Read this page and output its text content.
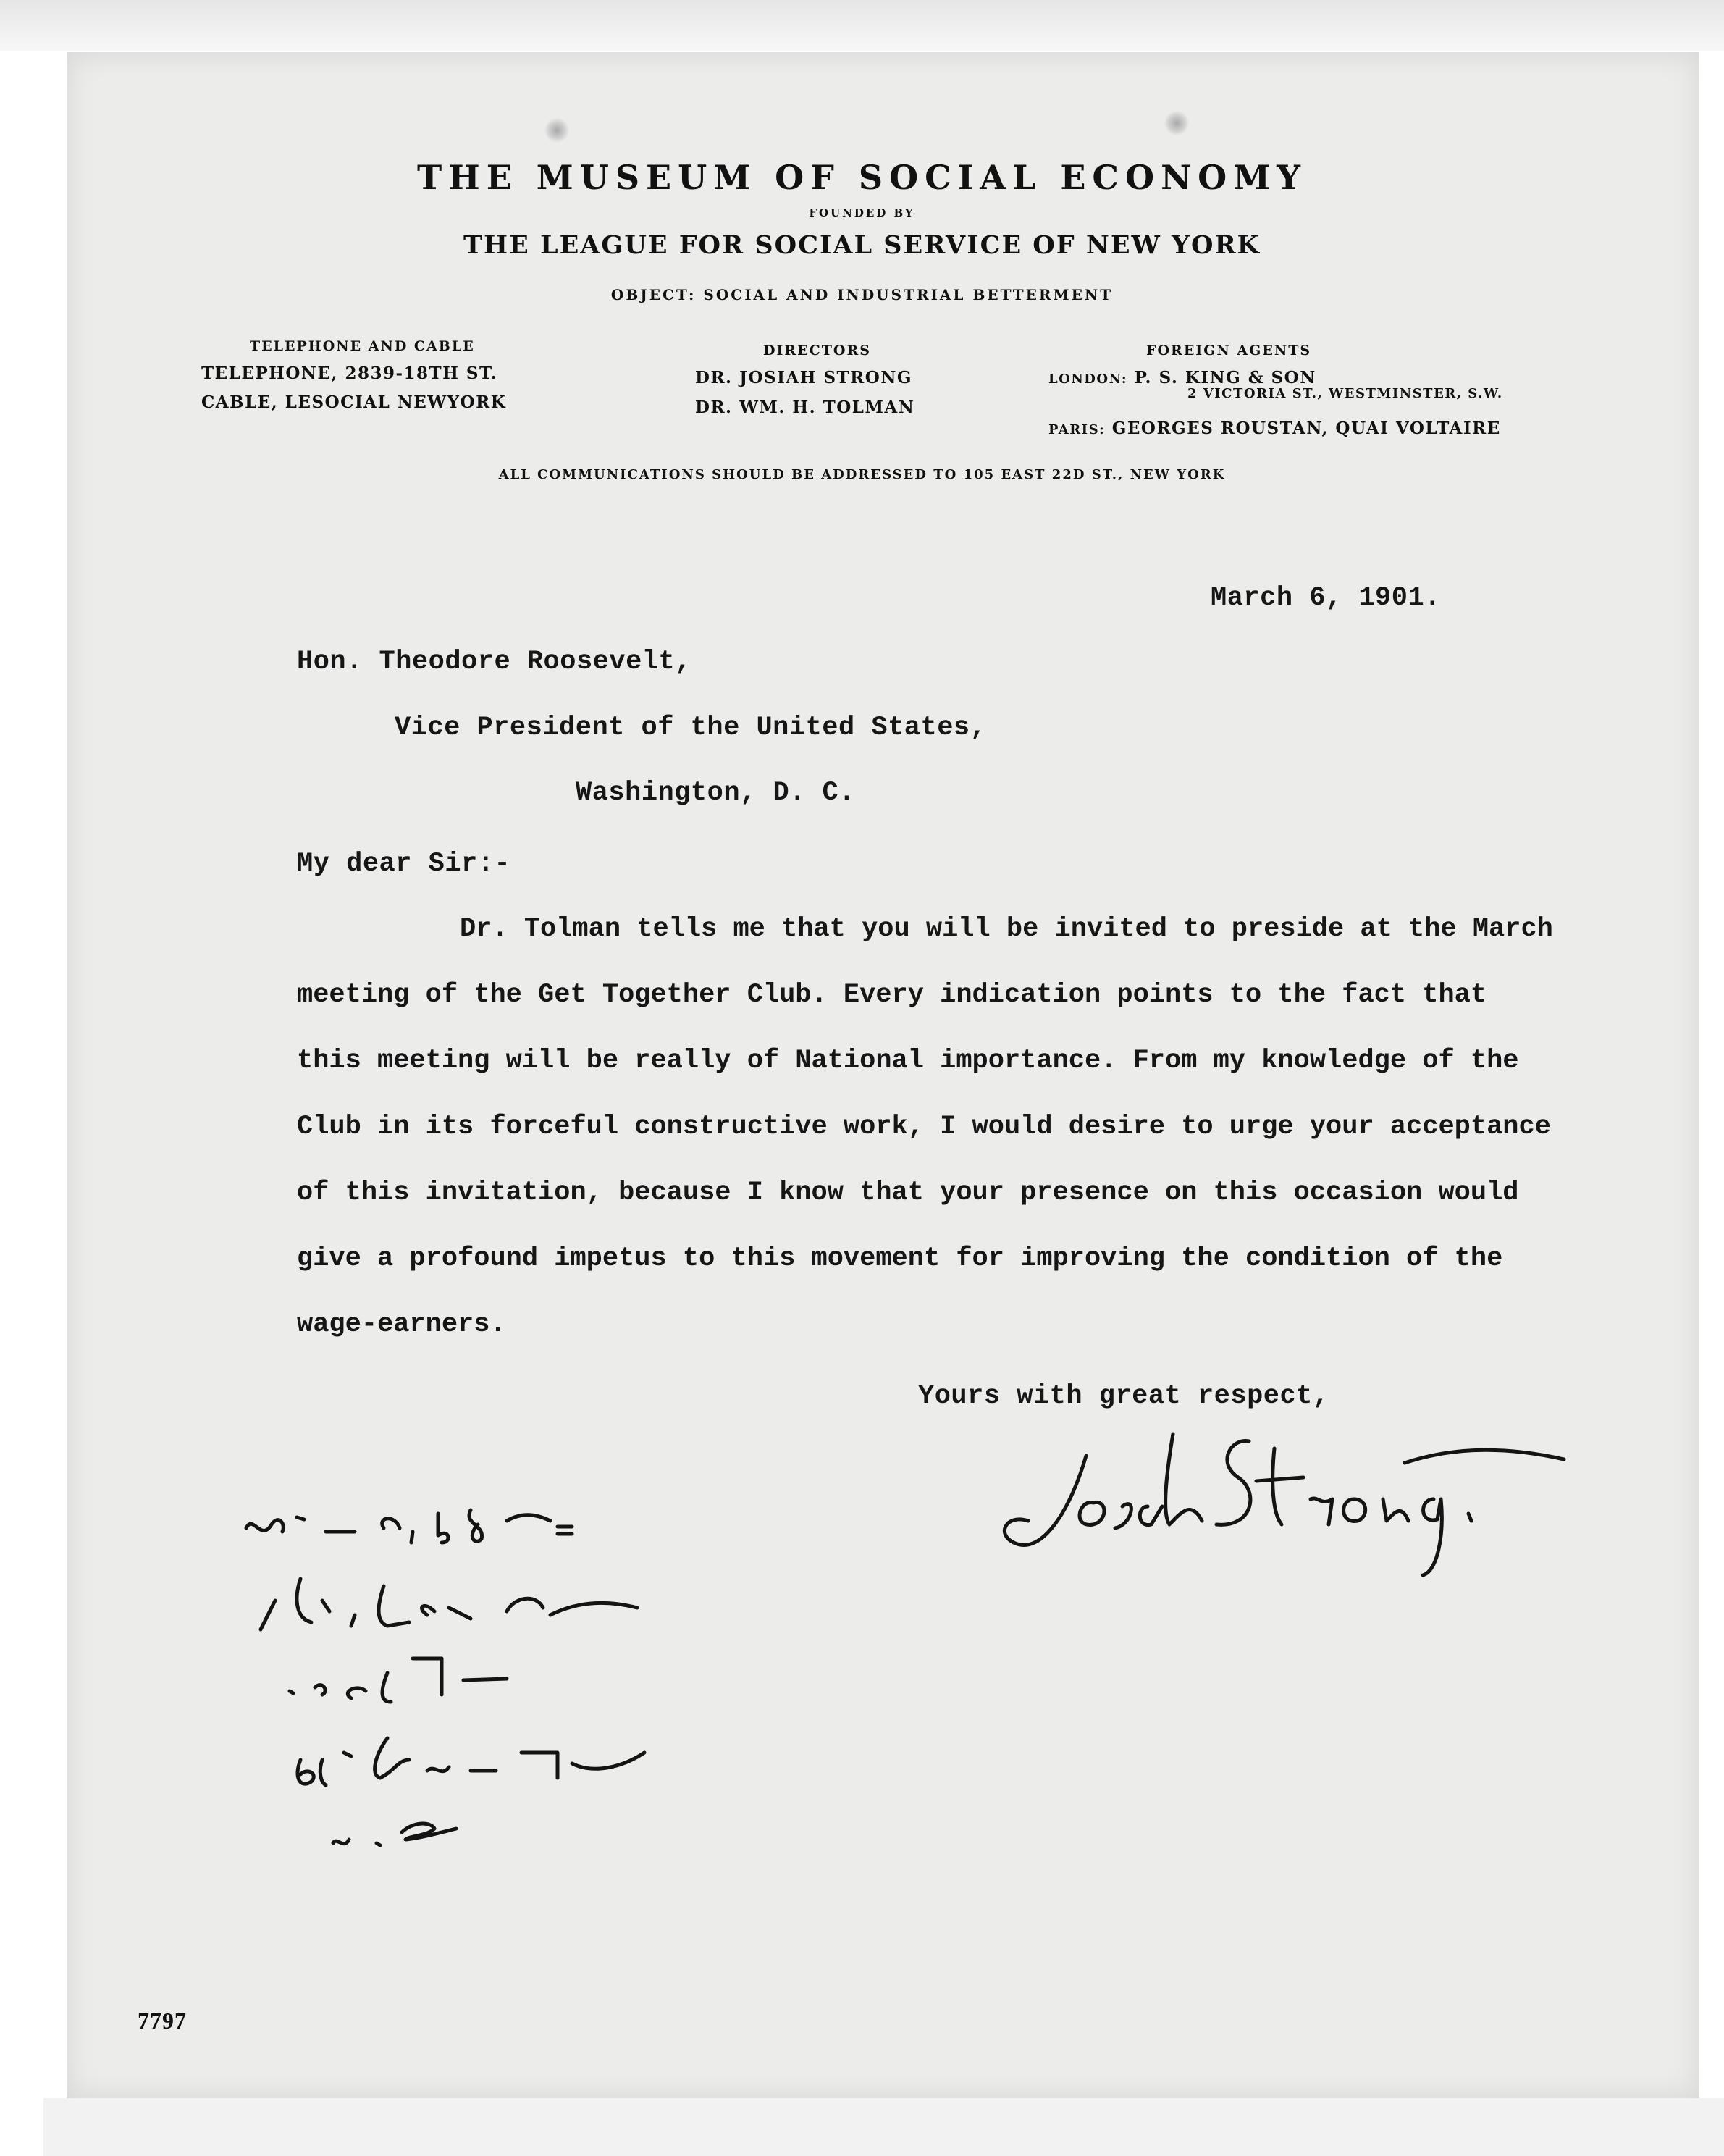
THE MUSEUM OF SOCIAL ECONOMY
FOUNDED BY
THE LEAGUE FOR SOCIAL SERVICE OF NEW YORK
OBJECT: SOCIAL AND INDUSTRIAL BETTERMENT
TELEPHONE AND CABLE
TELEPHONE, 2839-18TH ST.
CABLE, LESOCIAL NEWYORK
DIRECTORS
DR. JOSIAH STRONG
DR. WM. H. TOLMAN
FOREIGN AGENTS
LONDON: P. S. KING & SON
2 VICTORIA ST., WESTMINSTER, S.W.
PARIS: GEORGES ROUSTAN, QUAI VOLTAIRE
ALL COMMUNICATIONS SHOULD BE ADDRESSED TO 105 EAST 22D ST., NEW YORK
March 6, 1901.
Hon. Theodore Roosevelt,
Vice President of the United States,
Washington, D. C.
My dear Sir:-
Dr. Tolman tells me that you will be invited to preside at the March
meeting of the Get Together Club. Every indication points to the fact that
this meeting will be really of National importance. From my knowledge of the
Club in its forceful constructive work, I would desire to urge your acceptance
of this invitation, because I know that your presence on this occasion would
give a profound impetus to this movement for improving the condition of the
wage-earners.
Yours with great respect,
7797
